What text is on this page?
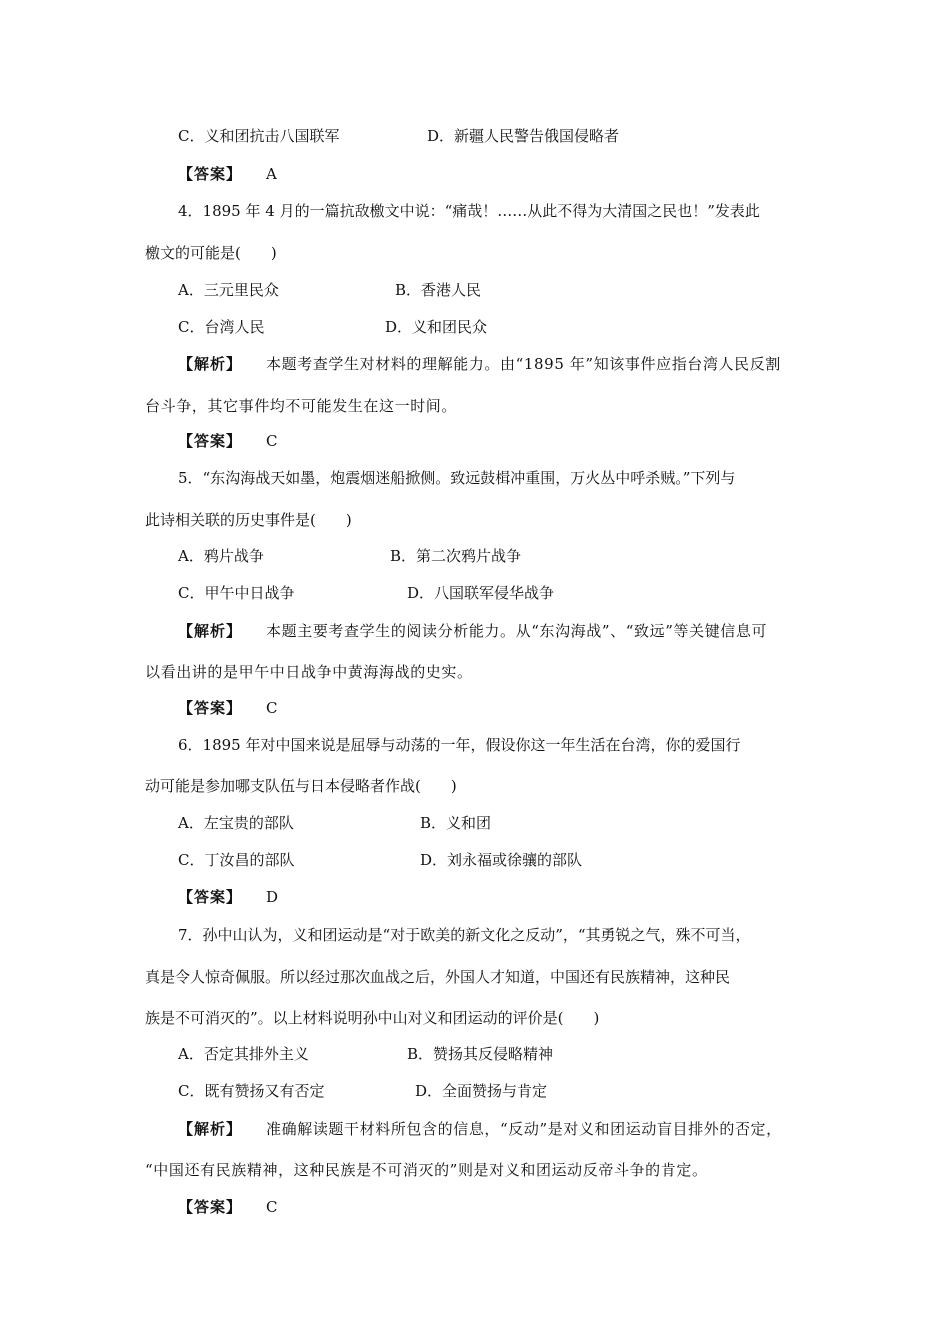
C．义和团抗击八国联军	D．新疆人民警告俄国侵略者
【答案】 A
4．1895 年 4 月的一篇抗敌檄文中说：“痛哉！……从此不得为大清国之民也！”发表此
檄文的可能是(　　)
A．三元里民众	B．香港人民
C．台湾人民	D．义和团民众
【解析】 本题考查学生对材料的理解能力。由“1895 年”知该事件应指台湾人民反割
台斗争，其它事件均不可能发生在这一时间。
【答案】 C
5．“东沟海战天如墨，炮震烟迷船掀侧。致远鼓楫冲重围，万火丛中呼杀贼。”下列与
此诗相关联的历史事件是(　　)
A．鸦片战争	B．第二次鸦片战争
C．甲午中日战争	D．八国联军侵华战争
【解析】 本题主要考查学生的阅读分析能力。从“东沟海战”、“致远”等关键信息可
以看出讲的是甲午中日战争中黄海海战的史实。
【答案】 C
6．1895 年对中国来说是屈辱与动荡的一年，假设你这一年生活在台湾，你的爱国行
动可能是参加哪支队伍与日本侵略者作战(　　)
A．左宝贵的部队	B．义和团
C．丁汝昌的部队	D．刘永福或徐骧的部队
【答案】 D
7．孙中山认为，义和团运动是“对于欧美的新文化之反动”，“其勇锐之气，殊不可当，
真是令人惊奇佩服。所以经过那次血战之后，外国人才知道，中国还有民族精神，这种民
族是不可消灭的”。以上材料说明孙中山对义和团运动的评价是(　　)
A．否定其排外主义	B．赞扬其反侵略精神
C．既有赞扬又有否定	D．全面赞扬与肯定
【解析】 准确解读题干材料所包含的信息，“反动”是对义和团运动盲目排外的否定，
“中国还有民族精神，这种民族是不可消灭的”则是对义和团运动反帝斗争的肯定。
【答案】 C
